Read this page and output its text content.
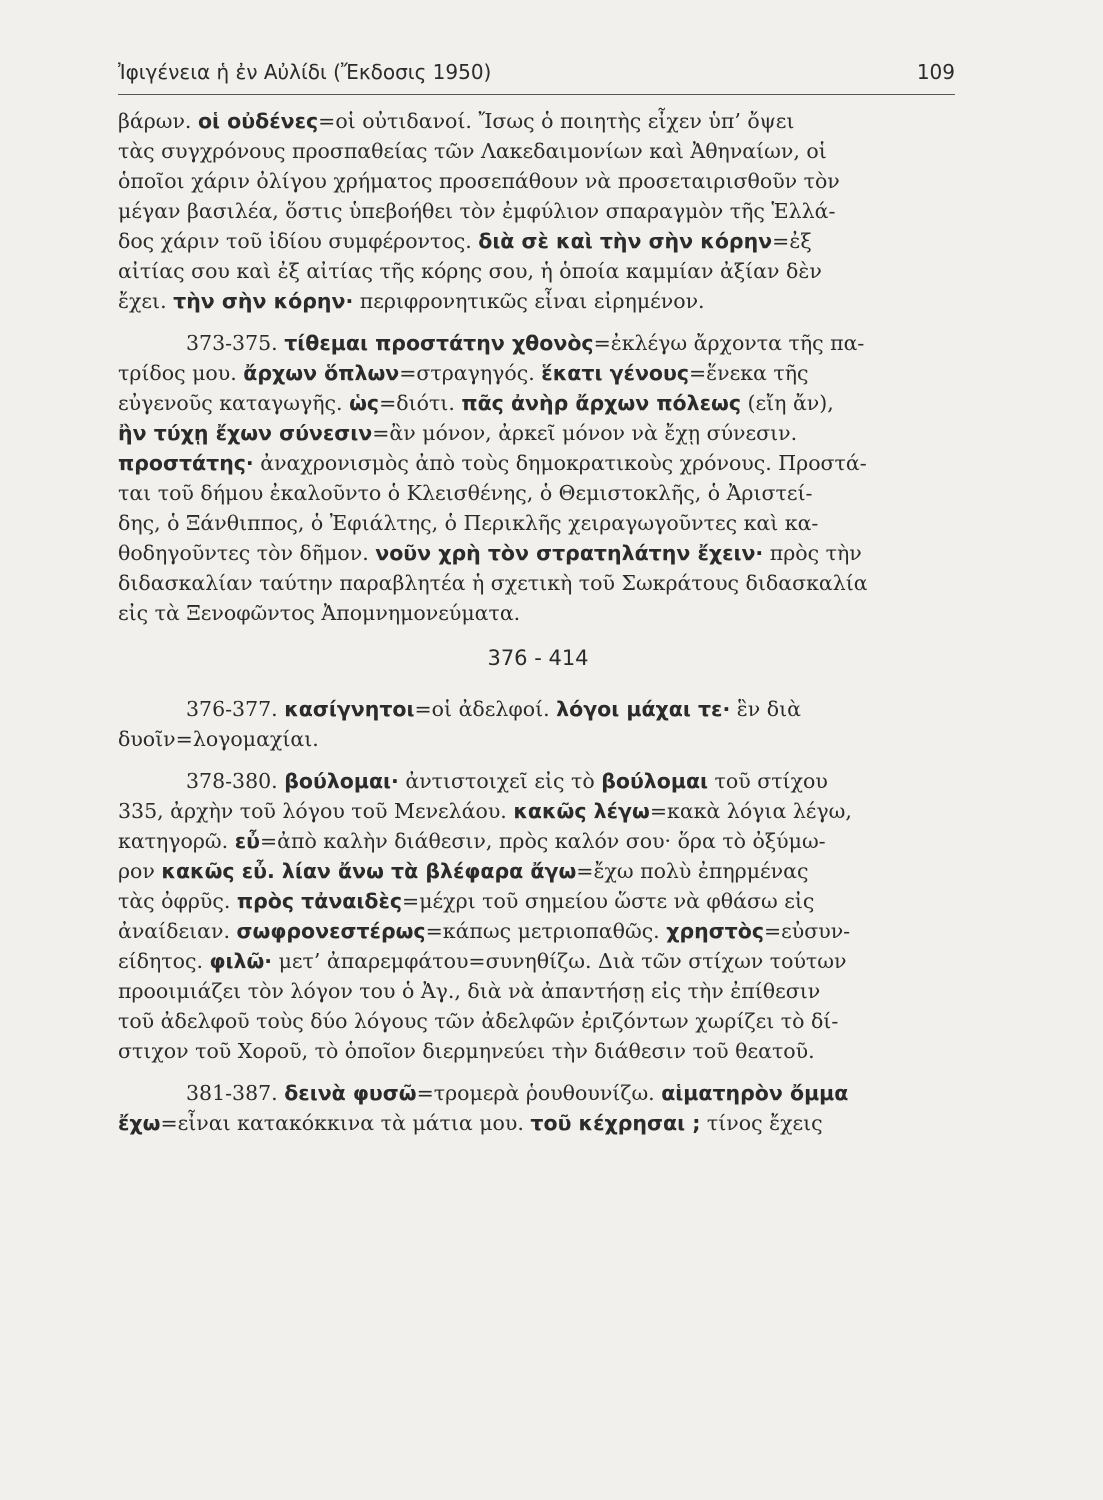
Ἰφιγένεια ἡ ἐν Αὐλίδι (Ἔκδοσις 1950)	109
βάρων. οἱ οὐδένες=οἱ οὐτιδανοί. Ἴσως ὁ ποιητὴς εἶχεν ὑπ’ ὄψει
τὰς συγχρόνους προσπαθείας τῶν Λακεδαιμονίων καὶ Ἀθηναίων, οἱ
ὁποῖοι χάριν ὀλίγου χρήματος προσεπάθουν νὰ προσεταιρισθοῦν τὸν
μέγαν βασιλέα, ὅστις ὑπεβοήθει τὸν ἐμφύλιον σπαραγμὸν τῆς Ἑλλά-
δος χάριν τοῦ ἰδίου συμφέροντος. διὰ σὲ καὶ τὴν σὴν κόρην=ἐξ
αἰτίας σου καὶ ἐξ αἰτίας τῆς κόρης σου, ἡ ὁποία καμμίαν ἀξίαν δὲν
ἔχει. τὴν σὴν κόρην· περιφρονητικῶς εἶναι εἰρημένον.
373-375. τίθεμαι προστάτην χθονὸς=ἐκλέγω ἄρχοντα τῆς πα-
τρίδος μου. ἄρχων ὅπλων=στραγηγός. ἕκατι γένους=ἕνεκα τῆς
εὐγενοῦς καταγωγῆς. ὡς=διότι. πᾶς ἀνὴρ ἄρχων πόλεως (εἴη ἄν),
ἢν τύχῃ ἔχων σύνεσιν=ἂν μόνον, ἀρκεῖ μόνον νὰ ἔχῃ σύνεσιν.
προστάτης· ἀναχρονισμὸς ἀπὸ τοὺς δημοκρατικοὺς χρόνους. Προστά-
ται τοῦ δήμου ἐκαλοῦντο ὁ Κλεισθένης, ὁ Θεμιστοκλῆς, ὁ Ἀριστεί-
δης, ὁ Ξάνθιππος, ὁ Ἐφιάλτης, ὁ Περικλῆς χειραγωγοῦντες καὶ κα-
θοδηγοῦντες τὸν δῆμον. νοῦν χρὴ τὸν στρατηλάτην ἔχειν· πρὸς τὴν
διδασκαλίαν ταύτην παραβλητέα ἡ σχετικὴ τοῦ Σωκράτους διδασκαλία
εἰς τὰ Ξενοφῶντος Ἀπομνημονεύματα.
376 - 414
376-377. κασίγνητοι=οἱ ἀδελφοί. λόγοι μάχαι τε· ἓν διὰ
δυοῖν=λογομαχίαι.
378-380. βούλομαι· ἀντιστοιχεῖ εἰς τὸ βούλομαι τοῦ στίχου
335, ἀρχὴν τοῦ λόγου τοῦ Μενελάου. κακῶς λέγω=κακὰ λόγια λέγω,
κατηγορῶ. εὖ=ἀπὸ καλὴν διάθεσιν, πρὸς καλόν σου· ὅρα τὸ ὀξύμω-
ρον κακῶς εὖ. λίαν ἄνω τὰ βλέφαρα ἄγω=ἔχω πολὺ ἐπηρμένας
τὰς ὀφρῦς. πρὸς τἀναιδὲς=μέχρι τοῦ σημείου ὥστε νὰ φθάσω εἰς
ἀναίδειαν. σωφρονεστέρως=κάπως μετριοπαθῶς. χρηστὸς=εὐσυν-
είδητος. φιλῶ· μετ’ ἀπαρεμφάτου=συνηθίζω. Διὰ τῶν στίχων τούτων
προοιμιάζει τὸν λόγον του ὁ Ἀγ., διὰ νὰ ἀπαντήσῃ εἰς τὴν ἐπίθεσιν
τοῦ ἀδελφοῦ τοὺς δύο λόγους τῶν ἀδελφῶν ἐριζόντων χωρίζει τὸ δί-
στιχον τοῦ Χοροῦ, τὸ ὁποῖον διερμηνεύει τὴν διάθεσιν τοῦ θεατοῦ.
381-387. δεινὰ φυσῶ=τρομερὰ ῥουθουνίζω. αἱματηρὸν ὄμμα
ἔχω=εἶναι κατακόκκινα τὰ μάτια μου. τοῦ κέχρησαι ; τίνος ἔχεις
